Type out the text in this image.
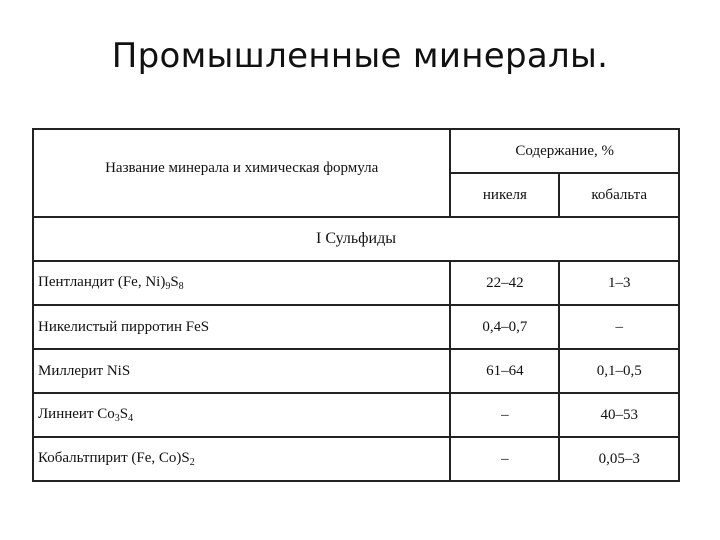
Промышленные минералы.
Название минерала и химическая формула	Содержание, %	
	никеля	кобальта
I Сульфиды		
Пентландит (Fe, $Ni)_9S_8$	22–42	1–3
Никелистый пирротин FeS	0,4–0,7	–
Миллерит NiS	61–64	0,1–0,5
Линнеит $Co_3S_4$	–	40–53
Кобальтпирит (Fe, $Co)S_2$	–	0,05–3
